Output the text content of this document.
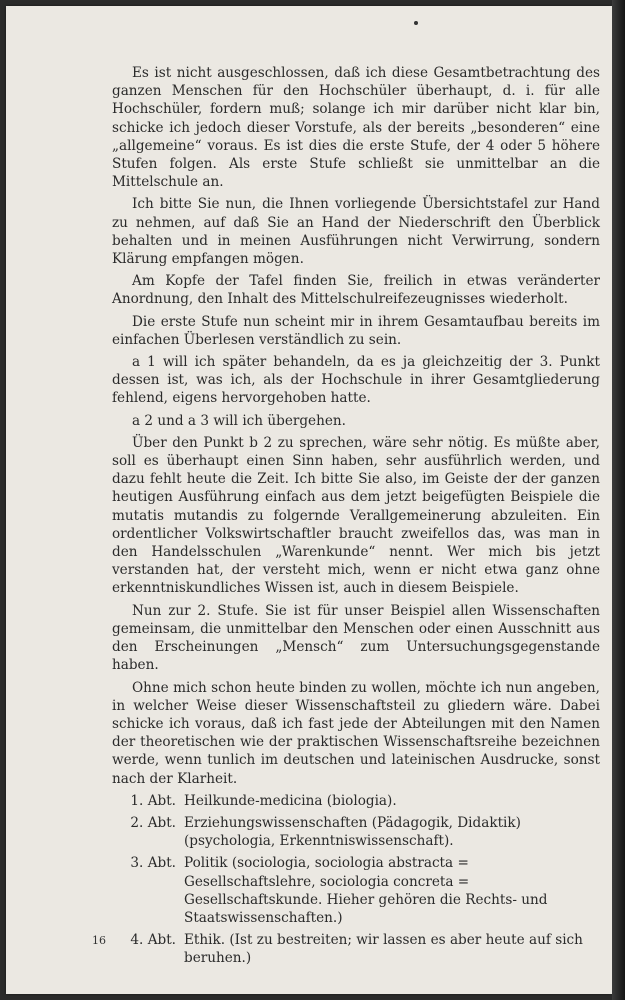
Es ist nicht ausgeschlossen, daß ich diese Gesamtbetrachtung des ganzen Menschen für den Hochschüler überhaupt, d. i. für alle Hochschüler, fordern muß; solange ich mir darüber nicht klar bin, schicke ich jedoch dieser Vorstufe, als der bereits „besonderen“ eine „allgemeine“ voraus. Es ist dies die erste Stufe, der 4 oder 5 höhere Stufen folgen. Als erste Stufe schließt sie unmittelbar an die Mittelschule an.

Ich bitte Sie nun, die Ihnen vorliegende Übersichtstafel zur Hand zu nehmen, auf daß Sie an Hand der Niederschrift den Überblick behalten und in meinen Ausführungen nicht Verwirrung, sondern Klärung empfangen mögen.

Am Kopfe der Tafel finden Sie, freilich in etwas veränderter Anordnung, den Inhalt des Mittelschulreifezeugnisses wiederholt.

Die erste Stufe nun scheint mir in ihrem Gesamtaufbau bereits im einfachen Überlesen verständlich zu sein.

a 1 will ich später behandeln, da es ja gleichzeitig der 3. Punkt dessen ist, was ich, als der Hochschule in ihrer Gesamtgliederung fehlend, eigens hervorgehoben hatte.

a 2 und a 3 will ich übergehen.

Über den Punkt b 2 zu sprechen, wäre sehr nötig. Es müßte aber, soll es überhaupt einen Sinn haben, sehr ausführlich werden, und dazu fehlt heute die Zeit. Ich bitte Sie also, im Geiste der der ganzen heutigen Ausführung einfach aus dem jetzt beigefügten Beispiele die mutatis mutandis zu folgernde Verallgemeinerung abzuleiten. Ein ordentlicher Volkswirtschaftler braucht zweifellos das, was man in den Handelsschulen „Warenkunde“ nennt. Wer mich bis jetzt verstanden hat, der versteht mich, wenn er nicht etwa ganz ohne erkenntniskundliches Wissen ist, auch in diesem Beispiele.

Nun zur 2. Stufe. Sie ist für unser Beispiel allen Wissenschaften gemeinsam, die unmittelbar den Menschen oder einen Ausschnitt aus den Erscheinungen „Mensch“ zum Untersuchungsgegenstande haben.

Ohne mich schon heute binden zu wollen, möchte ich nun angeben, in welcher Weise dieser Wissenschaftsteil zu gliedern wäre. Dabei schicke ich voraus, daß ich fast jede der Abteilungen mit den Namen der theoretischen wie der praktischen Wissenschaftsreihe bezeichnen werde, wenn tunlich im deutschen und lateinischen Ausdrucke, sonst nach der Klarheit.

1. Abt. Heilkunde-medicina (biologia).
2. Abt. Erziehungswissenschaften (Pädagogik, Didaktik) (psychologia, Erkenntniswissenschaft).
3. Abt. Politik (sociologia, sociologia abstracta = Gesellschaftslehre, sociologia concreta = Gesellschaftskunde. Hieher gehören die Rechts- und Staatswissenschaften.)
4. Abt. Ethik. (Ist zu bestreiten; wir lassen es aber heute auf sich beruhen.)
16
